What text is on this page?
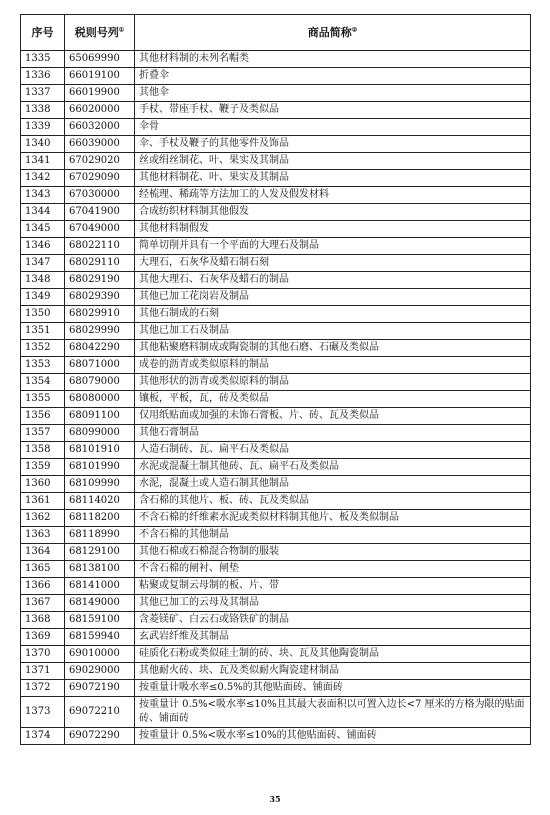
序号	税则号列①	商品简称②
1335	65069990	其他材料制的未列名帽类
1336	66019100	折叠伞
1337	66019900	其他伞
1338	66020000	手杖、带座手杖、鞭子及类似品
1339	66032000	伞骨
1340	66039000	伞、手杖及鞭子的其他零件及饰品
1341	67029020	丝或绢丝制花、叶、果实及其制品
1342	67029090	其他材料制花、叶、果实及其制品
1343	67030000	经梳理、稀疏等方法加工的人发及假发材料
1344	67041900	合成纺织材料制其他假发
1345	67049000	其他材料制假发
1346	68022110	简单切削并具有一个平面的大理石及制品
1347	68029110	大理石，石灰华及蜡石制石刻
1348	68029190	其他大理石、石灰华及蜡石的制品
1349	68029390	其他已加工花岗岩及制品
1350	68029910	其他石制成的石刻
1351	68029990	其他已加工石及制品
1352	68042290	其他粘聚磨料制成或陶瓷制的其他石磨、石碾及类似品
1353	68071000	成卷的沥青或类似原料的制品
1354	68079000	其他形状的沥青或类似原料的制品
1355	68080000	镶板，平板，瓦，砖及类似品
1356	68091100	仅用纸贴面或加强的未饰石膏板、片、砖、瓦及类似品
1357	68099000	其他石膏制品
1358	68101910	人造石制砖、瓦、扁平石及类似品
1359	68101990	水泥或混凝土制其他砖、瓦、扁平石及类似品
1360	68109990	水泥，混凝土或人造石制其他制品
1361	68114020	含石棉的其他片、板、砖、瓦及类似品
1362	68118200	不含石棉的纤维素水泥或类似材料制其他片、板及类似制品
1363	68118990	不含石棉的其他制品
1364	68129100	其他石棉或石棉混合物制的服装
1365	68138100	不含石棉的闸衬、闸垫
1366	68141000	粘聚或复制云母制的板、片、带
1367	68149000	其他已加工的云母及其制品
1368	68159100	含菱镁矿、白云石或铬铁矿的制品
1369	68159940	玄武岩纤维及其制品
1370	69010000	硅质化石粉或类似硅土制的砖、块、瓦及其他陶瓷制品
1371	69029000	其他耐火砖、块、瓦及类似耐火陶瓷建材制品
1372	69072190	按重量计吸水率≤0.5%的其他贴面砖、铺面砖
1373	69072210	按重量计 0.5%<吸水率≤10%且其最大表面积以可置入边长<7 厘米的方格为限的贴面砖、铺面砖
1374	69072290	按重量计 0.5%<吸水率≤10%的其他贴面砖、铺面砖
35
